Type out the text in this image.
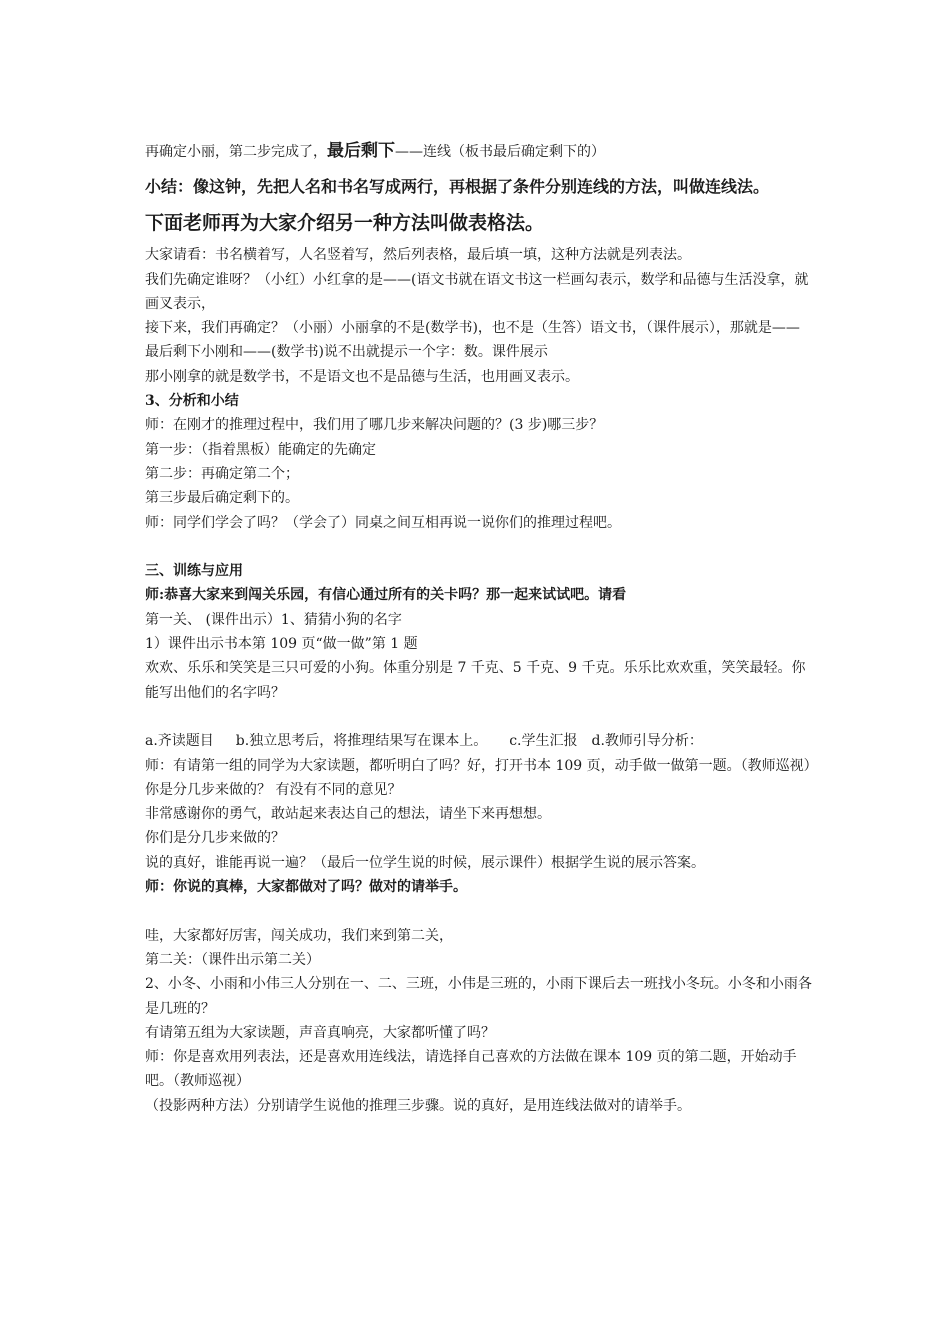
再确定小丽，第二步完成了，最后剩下——连线（板书最后确定剩下的）

小结：像这钟，先把人名和书名写成两行，再根据了条件分别连线的方法，叫做连线法。

下面老师再为大家介绍另一种方法叫做表格法。

大家请看：书名横着写，人名竖着写，然后列表格，最后填一填，这种方法就是列表法。

我们先确定谁呀？（小红）小红拿的是——(语文书就在语文书这一栏画勾表示，数学和品德与生活没拿，就画叉表示，

接下来，我们再确定？（小丽）小丽拿的不是(数学书)，也不是（生答）语文书，（课件展示），那就是——

最后剩下小刚和——(数学书)说不出就提示一个字：数。课件展示

那小刚拿的就是数学书，不是语文也不是品德与生活，也用画叉表示。

3、分析和小结

师：在刚才的推理过程中，我们用了哪几步来解决问题的？(3 步)哪三步？

第一步：（指着黑板）能确定的先确定

第二步：再确定第二个；

第三步最后确定剩下的。

师：同学们学会了吗？（学会了）同桌之间互相再说一说你们的推理过程吧。

三、训练与应用

师:恭喜大家来到闯关乐园，有信心通过所有的关卡吗？那一起来试试吧。请看

第一关、 (课件出示）1、猜猜小狗的名字

1）课件出示书本第 109 页“做一做”第 1 题

欢欢、乐乐和笑笑是三只可爱的小狗。体重分别是 7 千克、5 千克、9 千克。乐乐比欢欢重，笑笑最轻。你能写出他们的名字吗？

a.齐读题目 b.独立思考后，将推理结果写在课本上。 c.学生汇报 d.教师引导分析：

师：有请第一组的同学为大家读题，都听明白了吗？好，打开书本 109 页，动手做一做第一题。（教师巡视）

你是分几步来做的？ 有没有不同的意见？

非常感谢你的勇气，敢站起来表达自己的想法，请坐下来再想想。

你们是分几步来做的？

说的真好，谁能再说一遍？（最后一位学生说的时候，展示课件）根据学生说的展示答案。

师：你说的真棒，大家都做对了吗？做对的请举手。

哇，大家都好厉害，闯关成功，我们来到第二关，

第二关：（课件出示第二关）

2、小冬、小雨和小伟三人分别在一、二、三班，小伟是三班的，小雨下课后去一班找小冬玩。小冬和小雨各是几班的？

有请第五组为大家读题，声音真响亮，大家都听懂了吗？

师：你是喜欢用列表法，还是喜欢用连线法，请选择自己喜欢的方法做在课本 109 页的第二题，开始动手吧。（教师巡视）

（投影两种方法）分别请学生说他的推理三步骤。说的真好，是用连线法做对的请举手。
